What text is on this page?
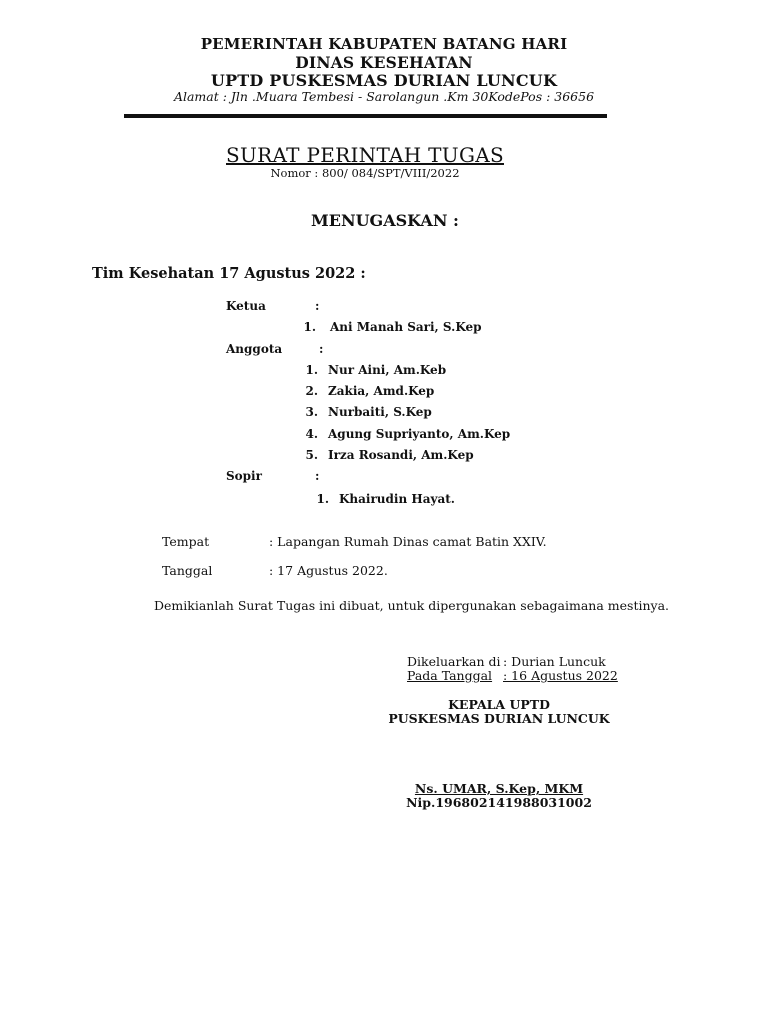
PEMERINTAH KABUPATEN BATANG HARI
DINAS KESEHATAN
UPTD PUSKESMAS DURIAN LUNCUK
Alamat : Jln .Muara Tembesi - Sarolangun .Km 30KodePos : 36656
SURAT PERINTAH TUGAS
Nomor : 800/ 084/SPT/VIII/2022
MENUGASKAN :
Tim Kesehatan 17 Agustus 2022 :
Ketua	:
1. Ani Manah Sari, S.Kep
Anggota	:
1. Nur Aini, Am.Keb
2. Zakia, Amd.Kep
3. Nurbaiti, S.Kep
4. Agung Supriyanto, Am.Kep
5. Irza Rosandi, Am.Kep
Sopir	:
1. Khairudin Hayat.
Tempat	: Lapangan Rumah Dinas camat Batin XXIV.
Tanggal	: 17 Agustus 2022.
Demikianlah Surat Tugas ini dibuat, untuk dipergunakan sebagaimana mestinya.
Dikeluarkan di : Durian Luncuk
Pada Tanggal : 16 Agustus 2022
KEPALA UPTD
PUSKESMAS DURIAN LUNCUK
Ns. UMAR, S.Kep, MKM
Nip.196802141988031002
